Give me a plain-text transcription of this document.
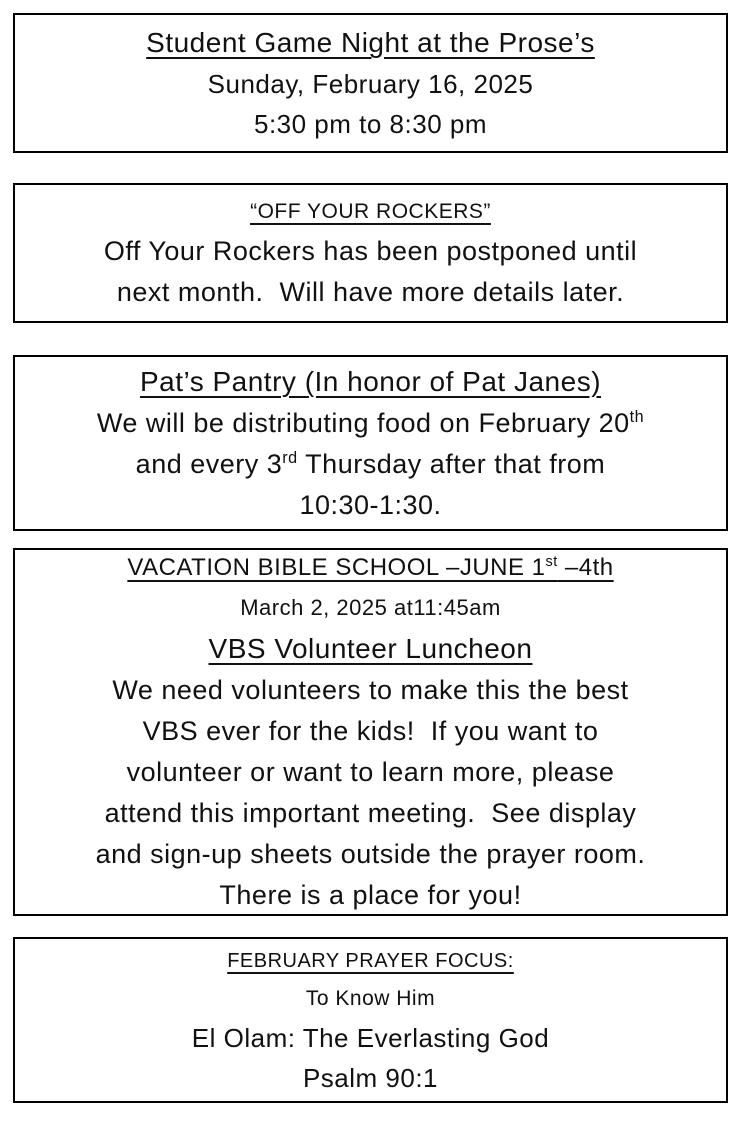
Student Game Night at the Prose’s
Sunday, February 16, 2025
5:30 pm to 8:30 pm
“OFF YOUR ROCKERS”
Off Your Rockers has been postponed until
next month.  Will have more details later.
Pat’s Pantry (In honor of Pat Janes)
We will be distributing food on February 20th
and every 3rd Thursday after that from
10:30-1:30.
VACATION BIBLE SCHOOL –JUNE 1st –4th
March 2, 2025 at11:45am
VBS Volunteer Luncheon
We need volunteers to make this the best
VBS ever for the kids!  If you want to
volunteer or want to learn more, please
attend this important meeting.  See display
and sign-up sheets outside the prayer room.
There is a place for you!
FEBRUARY PRAYER FOCUS:
To Know Him
El Olam: The Everlasting God
Psalm 90:1
